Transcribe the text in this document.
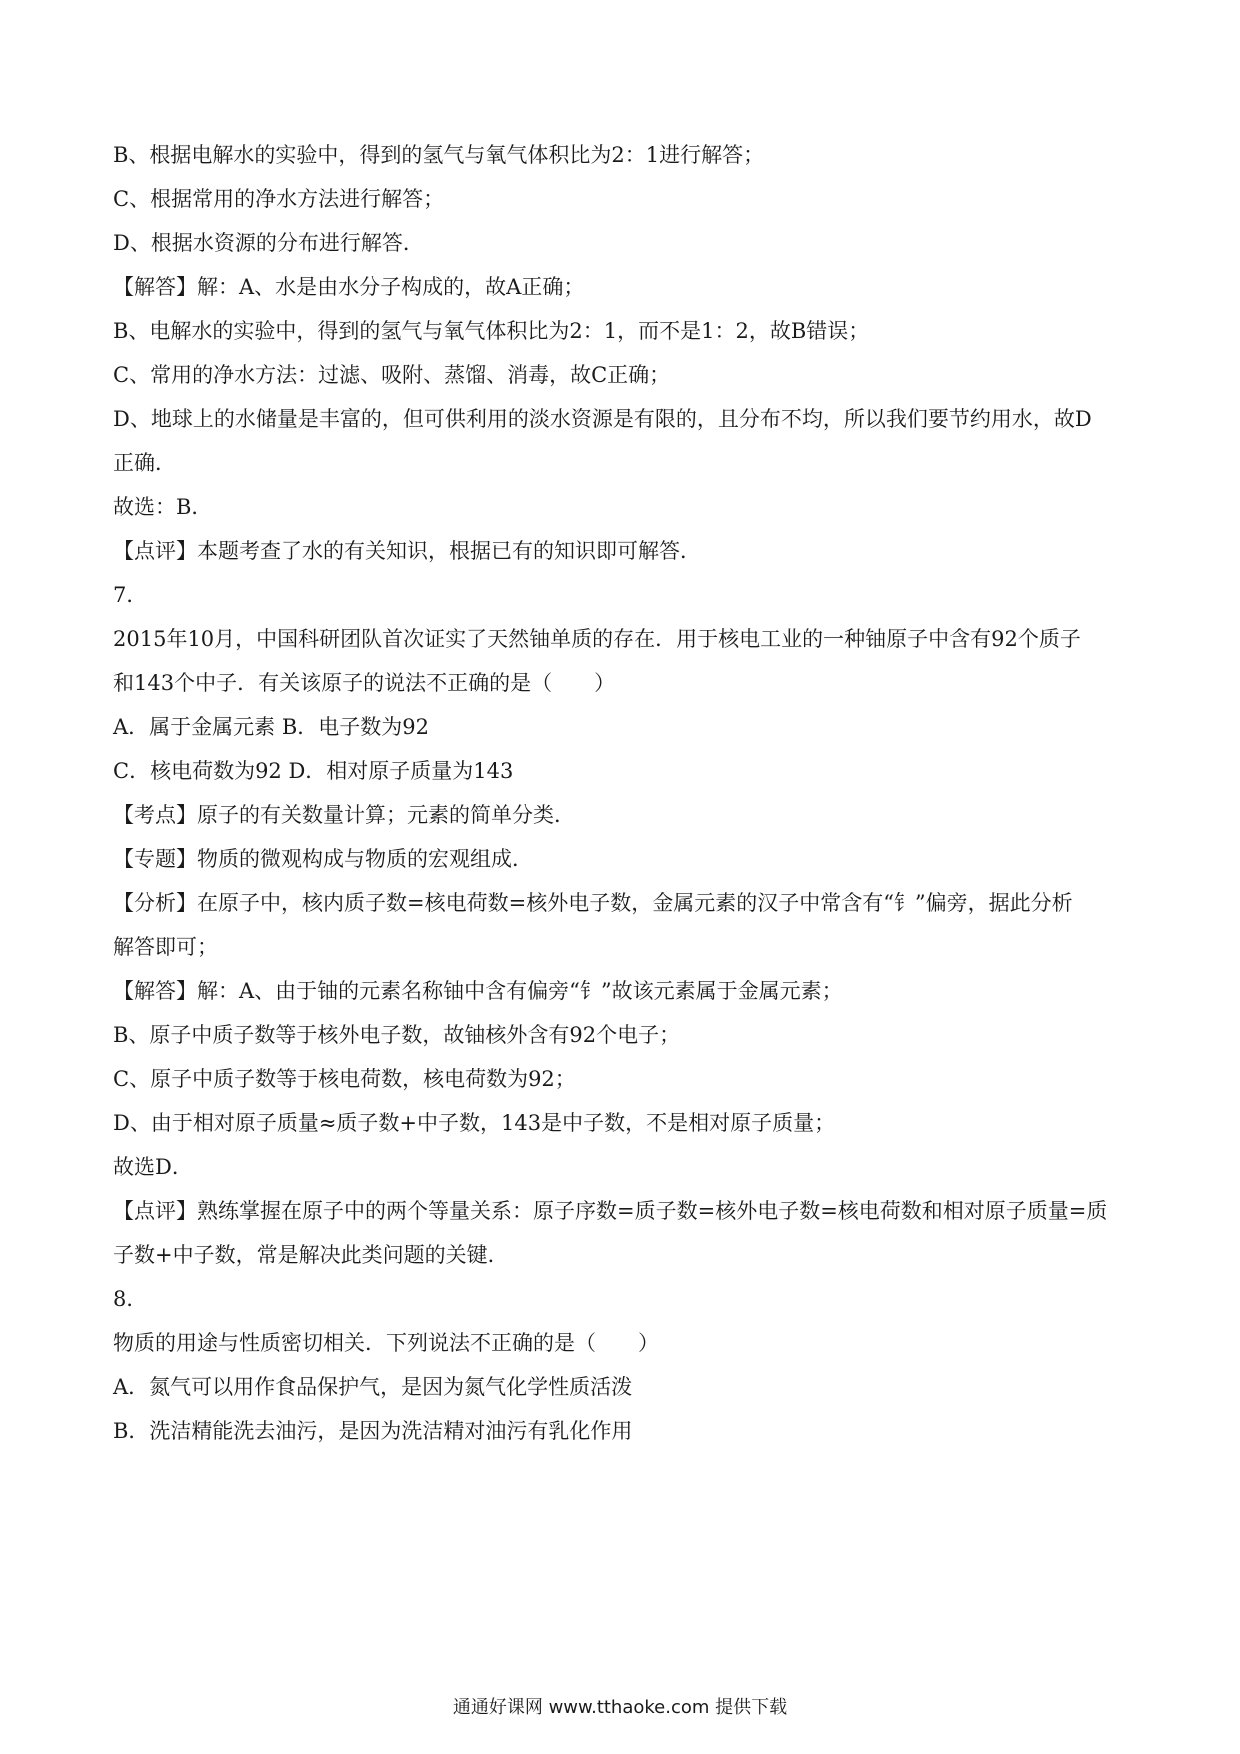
B、根据电解水的实验中，得到的氢气与氧气体积比为2：1进行解答；
C、根据常用的净水方法进行解答；
D、根据水资源的分布进行解答．
【解答】解：A、水是由水分子构成的，故A正确；
B、电解水的实验中，得到的氢气与氧气体积比为2：1，而不是1：2，故B错误；
C、常用的净水方法：过滤、吸附、蒸馏、消毒，故C正确；
D、地球上的水储量是丰富的，但可供利用的淡水资源是有限的，且分布不均，所以我们要节约用水，故D
正确．
故选：B．
【点评】本题考查了水的有关知识，根据已有的知识即可解答．
7．
2015年10月，中国科研团队首次证实了天然铀单质的存在．用于核电工业的一种铀原子中含有92个质子
和143个中子．有关该原子的说法不正确的是（　　）
A．属于金属元素 B．电子数为92
C．核电荷数为92 D．相对原子质量为143
【考点】原子的有关数量计算；元素的简单分类．
【专题】物质的微观构成与物质的宏观组成．
【分析】在原子中，核内质子数=核电荷数=核外电子数，金属元素的汉子中常含有“钅”偏旁，据此分析
解答即可；
【解答】解：A、由于铀的元素名称铀中含有偏旁“钅”故该元素属于金属元素；
B、原子中质子数等于核外电子数，故铀核外含有92个电子；
C、原子中质子数等于核电荷数，核电荷数为92；
D、由于相对原子质量≈质子数+中子数，143是中子数，不是相对原子质量；
故选D．
【点评】熟练掌握在原子中的两个等量关系：原子序数=质子数=核外电子数=核电荷数和相对原子质量=质
子数+中子数，常是解决此类问题的关键．
8．
物质的用途与性质密切相关．下列说法不正确的是（　　）
A．氮气可以用作食品保护气，是因为氮气化学性质活泼
B．洗洁精能洗去油污，是因为洗洁精对油污有乳化作用
通通好课网 www.tthaoke.com 提供下载
